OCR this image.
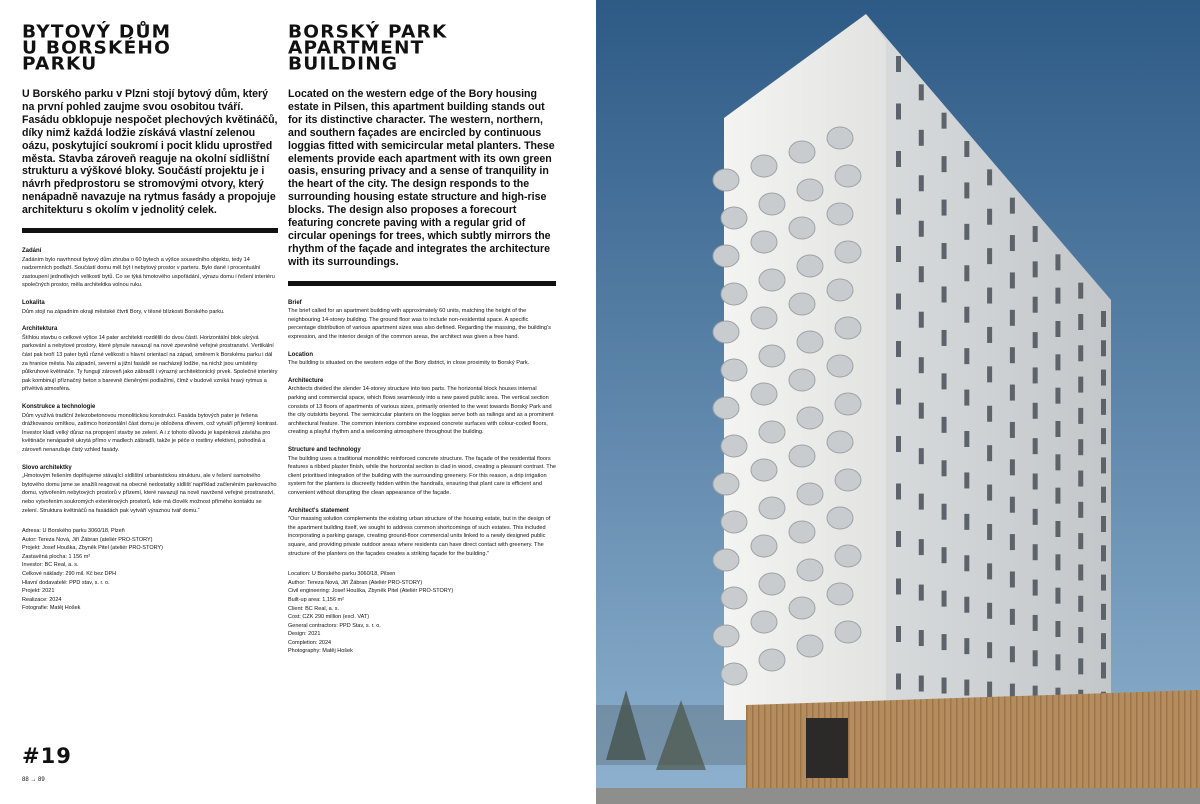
BYTOVÝ DŮM
U BORSKÉHO
PARKU

U Borského parku v Plzni stojí bytový dům, který na první pohled zaujme svou osobitou tváří. Fasádu obklopuje nespočet plechových květináčů, díky nimž každá lodžie získává vlastní zelenou oázu, poskytující soukromí i pocit klidu uprostřed města. Stavba zároveň reaguje na okolní sídlištní strukturu a výškové bloky. Součástí projektu je i návrh předprostoru se stromovými otvory, který nenápadně navazuje na rytmus fasády a propojuje architekturu s okolím v jednolitý celek.

Zadání

Zadáním bylo navrhnout bytový dům zhruba o 60 bytech a výšce sousedního objektu, tedy 14 nadzemních podlaží. Součástí domu měl být i nebytový prostor v parteru. Bylo dané i procentuální zastoupení jednotlivých velikostí bytů. Co se týká hmotového uspořádání, výrazu domu i řešení interiéru společných prostor, měla architektka volnou ruku.

Lokalita

Dům stojí na západním okraji městské čtvrti Bory, v těsné blízkosti Borského parku.

Architektura

Štíhlou stavbu o celkové výšce 14 pater architekti rozdělili do dvou částí. Horizontální blok ukrývá parkování a nebytové prostory, které plynule navazují na nové zpevněné veřejné prostranství. Vertikální část pak tvoří 13 pater bytů různé velikosti s hlavní orientací na západ, směrem k Borskému parku i dál za hranice města. Na západní, severní a jižní fasádě se nacházejí lodžie, na nichž jsou umístěny půlkruhové květináče. Ty fungují zároveň jako zábradlí i výrazný architektonický prvek. Společné interiéry pak kombinují příznačný beton s barevně členěnými podlažími, čímž v budově vzniká hravý rytmus a přívětivá atmosféra.

Konstrukce a technologie

Dům využívá tradiční železobetonovou monolitickou konstrukci. Fasáda bytových pater je řešena drážkovanou omítkou, zatímco horizontální část domu je obložena dřevem, což vytváří příjemný kontrast. Investor kladl velký důraz na propojení stavby se zelení. A i z tohoto důvodu je kapénková závlaha pro květináče nenápadně ukrytá přímo v madlech zábradlí, takže je péče o rostliny efektivní, pohodlná a zároveň nenarušuje čistý vzhled fasády.

Slovo architektky

„Hmotovým řešením doplňujeme stávající sídlištní urbanistickou strukturu, ale v řešení samotného bytového domu jsme se snažili reagovat na obecné nedostatky sídlišť například začleněním parkovacího domu, vytvořením nebytových prostorů v přízemí, které navazují na nově navržené veřejné prostranství, nebo vytvořením soukromých exteriérových prostorů, kde má člověk možnost přímého kontaktu se zelení. Struktura květináčů na fasádách pak vytváří výraznou tvář domu.“

Adresa: U Borského parku 3060/18, Plzeň
Autor: Tereza Nová, Jiří Žábran (ateliér PRO-STORY)
Projekt: Josef Houška, Zbyněk Pitel (ateliér PRO-STORY)
Zastavěná plocha: 1 156 m²
Investor: BC Real, a. s.
Celkové náklady: 290 mil. Kč bez DPH
Hlavní dodavatelé: PPD stav, s. r. o.
Projekt: 2021
Realizace: 2024
Fotografie: Matěj Hošek
BORSKÝ PARK
APARTMENT
BUILDING

Located on the western edge of the Bory housing estate in Pilsen, this apartment building stands out for its distinctive character. The western, northern, and southern façades are encircled by continuous loggias fitted with semicircular metal planters. These elements provide each apartment with its own green oasis, ensuring privacy and a sense of tranquility in the heart of the city. The design responds to the surrounding housing estate structure and high-rise blocks. The design also proposes a forecourt featuring concrete paving with a regular grid of circular openings for trees, which subtly mirrors the rhythm of the façade and integrates the architecture with its surroundings.

Brief

The brief called for an apartment building with approximately 60 units, matching the height of the neighbouring 14-storey building. The ground floor was to include non-residential space. A specific percentage distribution of various apartment sizes was also defined. Regarding the massing, the building's expression, and the interior design of the common areas, the architect was given a free hand.

Location

The building is situated on the western edge of the Bory district, in close proximity to Borský Park.

Architecture

Architects divided the slender 14-storey structure into two parts. The horizontal block houses internal parking and commercial space, which flows seamlessly into a new paved public area. The vertical section consists of 13 floors of apartments of various sizes, primarily oriented to the west towards Borský Park and the city outskirts beyond. The semicircular planters on the loggias serve both as railings and as a prominent architectural feature. The common interiors combine exposed concrete surfaces with colour-coded floors, creating a playful rhythm and a welcoming atmosphere throughout the building.

Structure and technology

The building uses a traditional monolithic reinforced concrete structure. The façade of the residential floors features a ribbed plaster finish, while the horizontal section is clad in wood, creating a pleasant contrast. The client prioritised integration of the building with the surrounding greenery. For this reason, a drip irrigation system for the planters is discreetly hidden within the handrails, ensuring that plant care is efficient and convenient without disrupting the clean appearance of the façade.

Architect's statement

"Our massing solution complements the existing urban structure of the housing estate, but in the design of the apartment building itself, we sought to address common shortcomings of such estates. This included incorporating a parking garage, creating ground-floor commercial units linked to a newly designed public square, and providing private outdoor areas where residents can have direct contact with greenery. The structure of the planters on the façades creates a striking façade for the building."

Location: U Borského parku 3060/18, Pilsen
Author: Tereza Nová, Jiří Žábran (Ateliér PRO-STORY)
Civil engineering: Josef Houška, Zbyněk Pitel (Ateliér PRO-STORY)
Built-up area: 1,156 m²
Client: BC Real, a. s.
Cost: CZK 290 million (excl. VAT)
General contractors: PPD Stav, s. r. o.
Design: 2021
Completion: 2024
Photography: Matěj Hošek
#19
88 → 89
